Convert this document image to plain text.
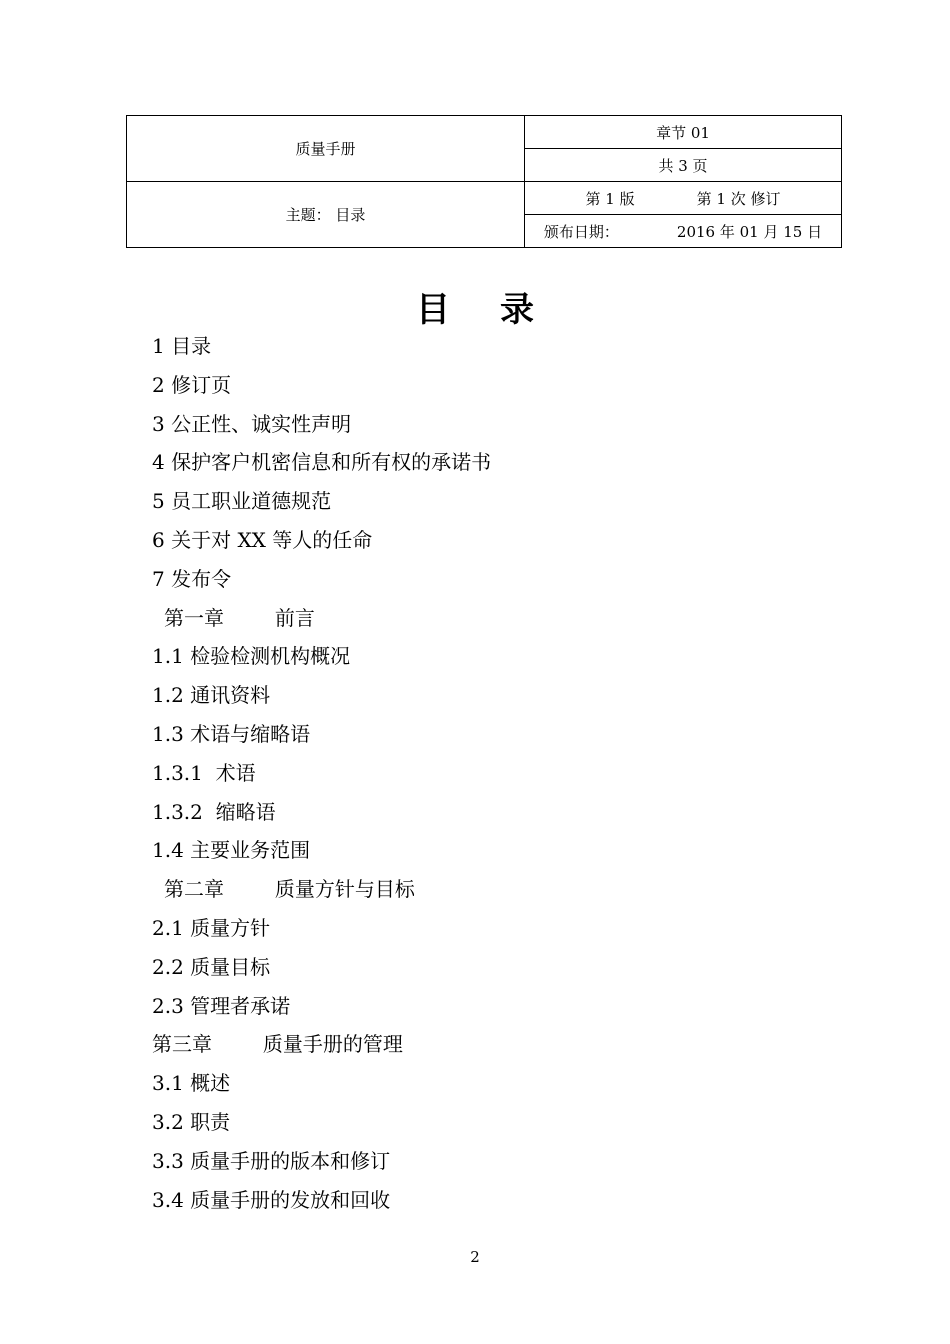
质量手册	章节 01
	共 3 页
主题： 目录	第 1 版 第 1 次 修订

	颁布日期： 2016 年 01 月 15 日
目录
1 目录
2 修订页
3 公正性、诚实性声明
4 保护客户机密信息和所有权的承诺书
5 员工职业道德规范
6 关于对 XX 等人的任命
7 发布令
第一章        前言
1.1 检验检测机构概况
1.2 通讯资料
1.3 术语与缩略语
1.3.1  术语
1.3.2  缩略语
1.4 主要业务范围
第二章        质量方针与目标
2.1 质量方针
2.2 质量目标
2.3 管理者承诺
第三章        质量手册的管理
3.1 概述
3.2 职责
3.3 质量手册的版本和修订
3.4 质量手册的发放和回收
2
